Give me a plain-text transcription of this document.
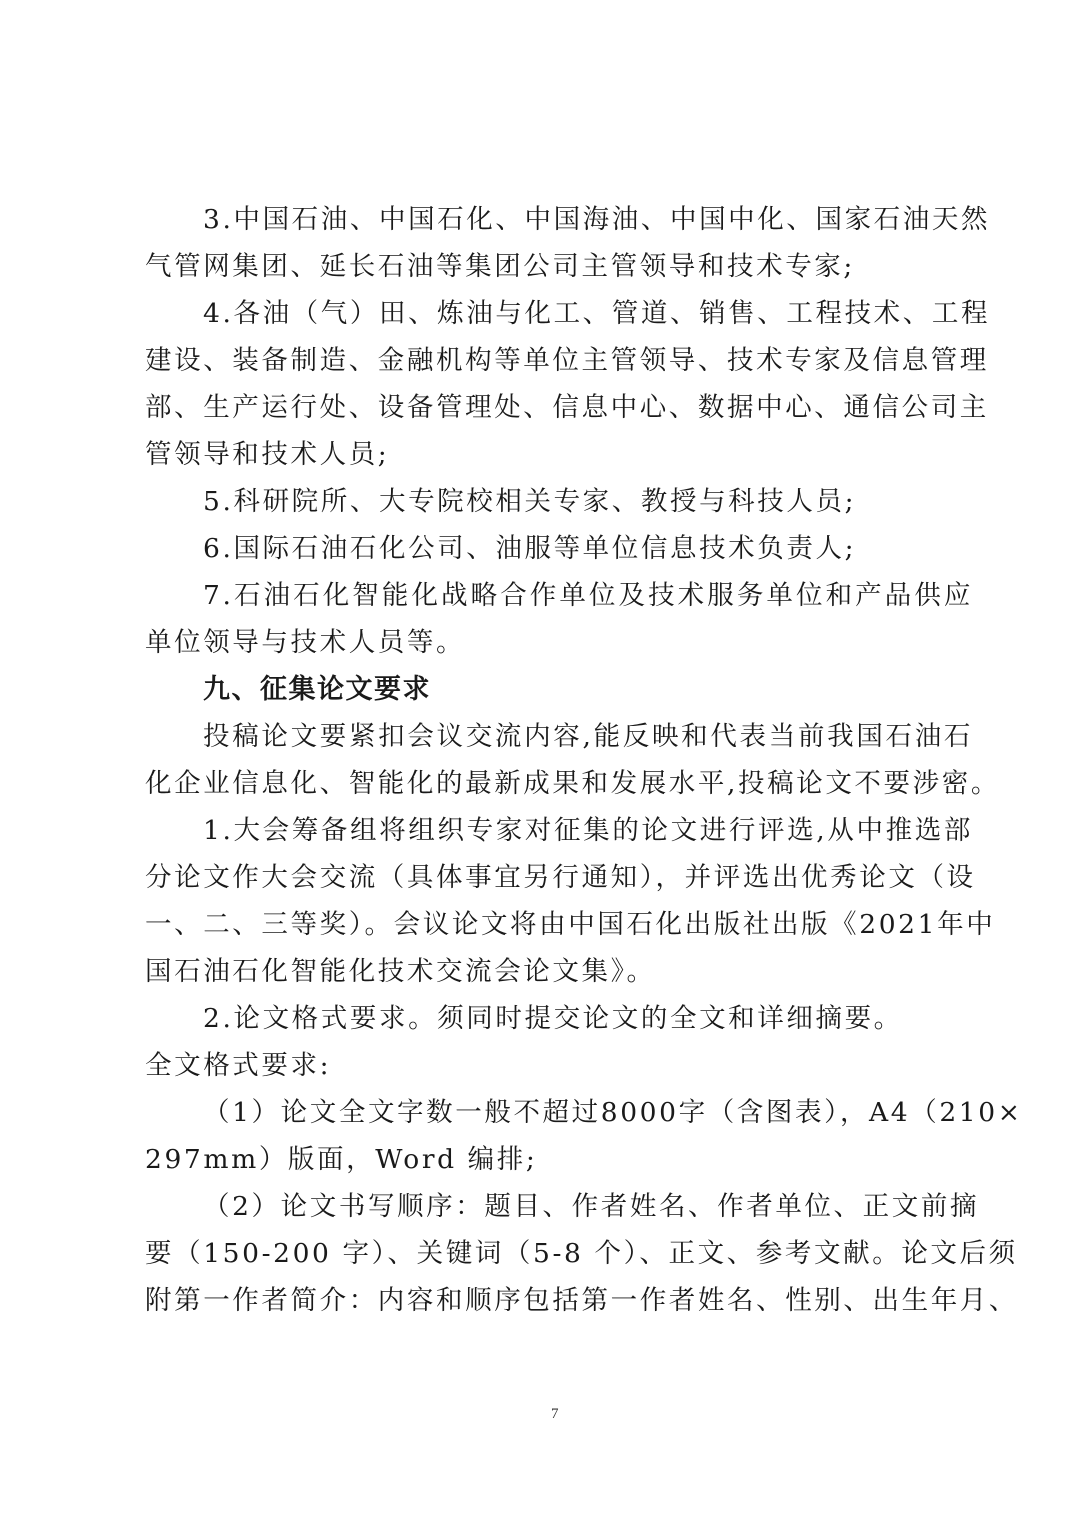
3.中国石油、中国石化、中国海油、中国中化、国家石油天然
气管网集团、延长石油等集团公司主管领导和技术专家;
4.各油（气）田、炼油与化工、管道、销售、工程技术、工程
建设、装备制造、金融机构等单位主管领导、技术专家及信息管理
部、生产运行处、设备管理处、信息中心、数据中心、通信公司主
管领导和技术人员;
5.科研院所、大专院校相关专家、教授与科技人员;
6.国际石油石化公司、油服等单位信息技术负责人;
7.石油石化智能化战略合作单位及技术服务单位和产品供应
单位领导与技术人员等。
九、征集论文要求
投稿论文要紧扣会议交流内容,能反映和代表当前我国石油石
化企业信息化、智能化的最新成果和发展水平,投稿论文不要涉密。
1.大会筹备组将组织专家对征集的论文进行评选,从中推选部
分论文作大会交流（具体事宜另行通知），并评选出优秀论文（设
一、二、三等奖）。会议论文将由中国石化出版社出版《2021年中
国石油石化智能化技术交流会论文集》。
2.论文格式要求。须同时提交论文的全文和详细摘要。
全文格式要求:
（1）论文全文字数一般不超过8000字（含图表），A4（210×
297mm）版面，Word 编排;
（2）论文书写顺序：题目、作者姓名、作者单位、正文前摘
要（150-200 字）、关键词（5-8 个）、正文、参考文献。论文后须
附第一作者简介：内容和顺序包括第一作者姓名、性别、出生年月、
7
